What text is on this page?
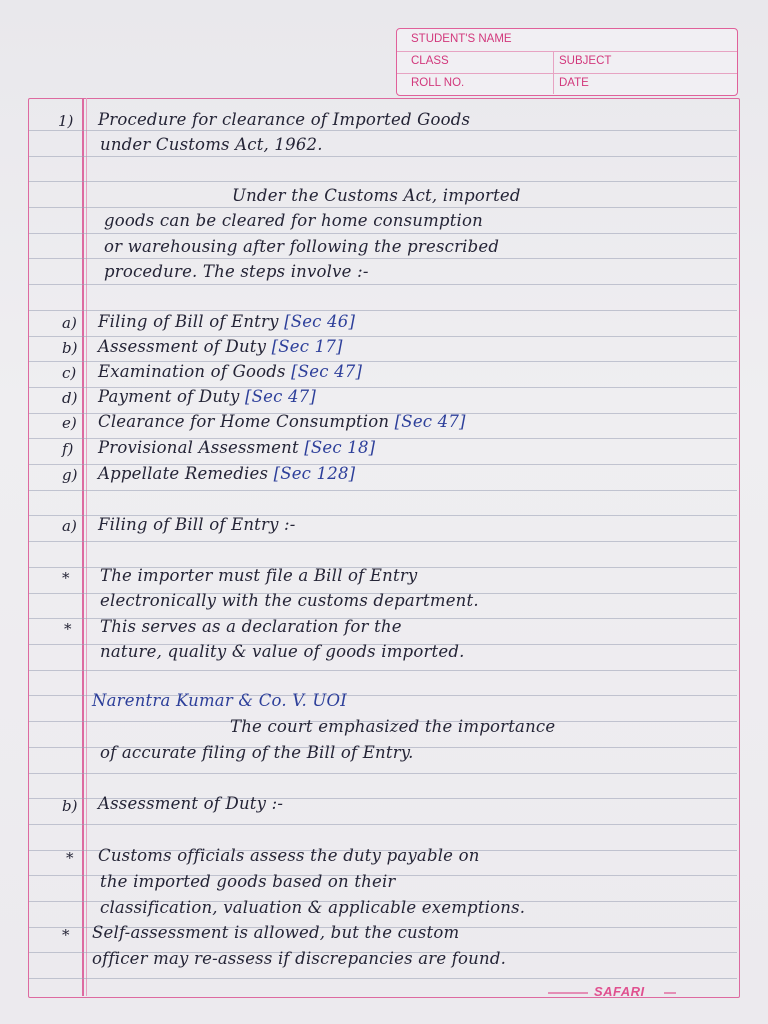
STUDENT'S NAME
CLASS	SUBJECT
ROLL NO.	DATE
1) Procedure for clearance of Imported Goods
under Customs Act, 1962.
Under the Customs Act, imported
goods can be cleared for home consumption
or warehousing after following the prescribed
procedure. The steps involve :-
a) Filing of Bill of Entry [Sec 46]
b) Assessment of Duty [Sec 17]
c) Examination of Goods [Sec 47]
d) Payment of Duty [Sec 47]
e) Clearance for Home Consumption [Sec 47]
f) Provisional Assessment [Sec 18]
g) Appellate Remedies [Sec 128]
a) Filing of Bill of Entry :-
* The importer must file a Bill of Entry
electronically with the customs department.
* This serves as a declaration for the
nature, quality & value of goods imported.
Narentra Kumar & Co. V. UOI
The court emphasized the importance
of accurate filing of the Bill of Entry.
b) Assessment of Duty :-
* Customs officials assess the duty payable on
the imported goods based on their
classification, valuation & applicable exemptions.
* Self-assessment is allowed, but the custom
officer may re-assess if discrepancies are found.
SAFARI
